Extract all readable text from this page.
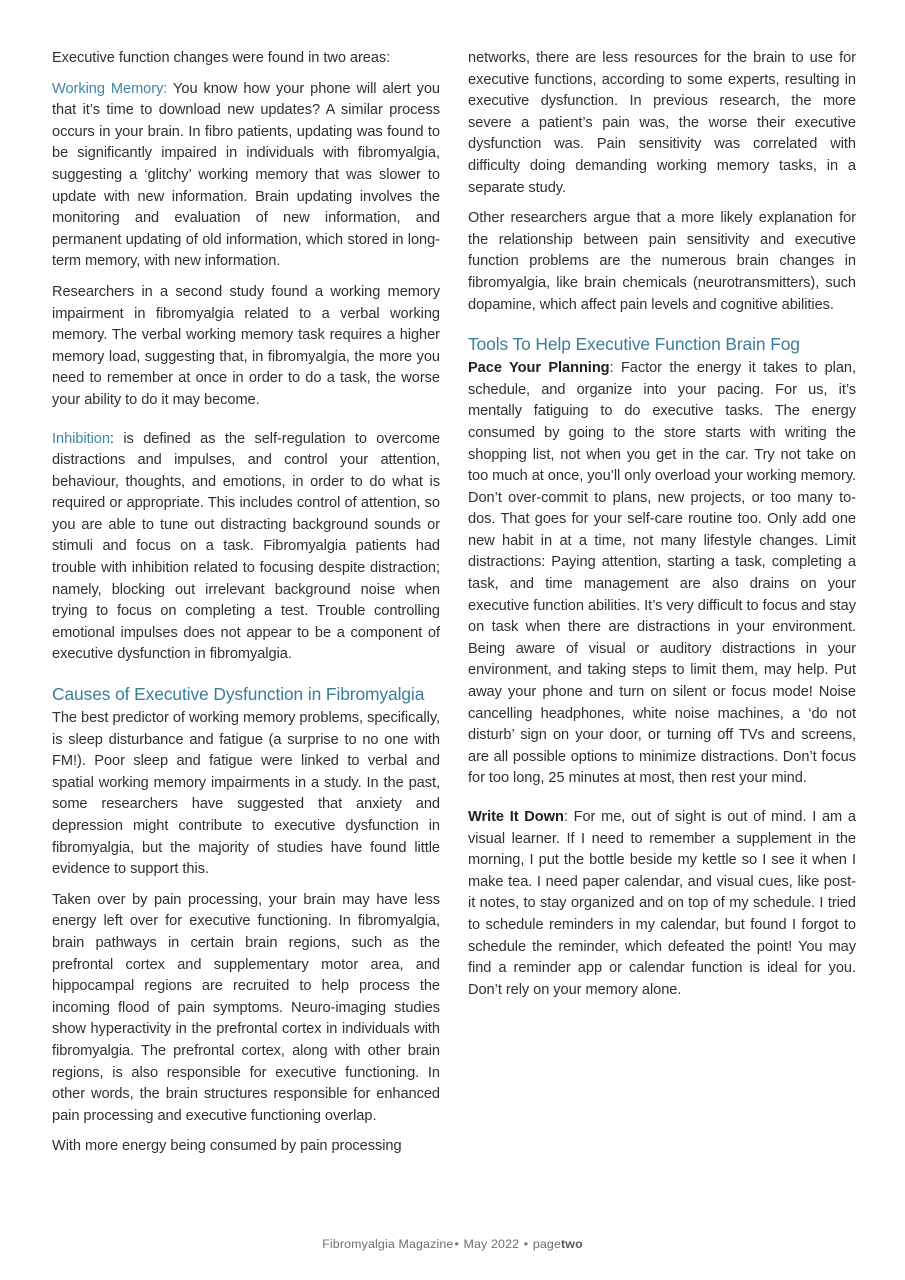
Executive function changes were found in two areas:

Working Memory: You know how your phone will alert you that it’s time to download new updates? A similar process occurs in your brain. In fibro patients, updating was found to be significantly impaired in individuals with fibromyalgia, suggesting a ‘glitchy’ working memory that was slower to update with new information. Brain updating involves the monitoring and evaluation of new information, and permanent updating of old information, which stored in long-term memory, with new information.

Researchers in a second study found a working memory impairment in fibromyalgia related to a verbal working memory. The verbal working memory task requires a higher memory load, suggesting that, in fibromyalgia, the more you need to remember at once in order to do a task, the worse your ability to do it may become.

Inhibition: is defined as the self-regulation to overcome distractions and impulses, and control your attention, behaviour, thoughts, and emotions, in order to do what is required or appropriate. This includes control of attention, so you are able to tune out distracting background sounds or stimuli and focus on a task. Fibromyalgia patients had trouble with inhibition related to focusing despite distraction; namely, blocking out irrelevant background noise when trying to focus on completing a test. Trouble controlling emotional impulses does not appear to be a component of executive dysfunction in fibromyalgia.

Causes of Executive Dysfunction in Fibromyalgia

The best predictor of working memory problems, specifically, is sleep disturbance and fatigue (a surprise to no one with FM!). Poor sleep and fatigue were linked to verbal and spatial working memory impairments in a study. In the past, some researchers have suggested that anxiety and depression might contribute to executive dysfunction in fibromyalgia, but the majority of studies have found little evidence to support this.

Taken over by pain processing, your brain may have less energy left over for executive functioning. In fibromyalgia, brain pathways in certain brain regions, such as the prefrontal cortex and supplementary motor area, and hippocampal regions are recruited to help process the incoming flood of pain symptoms. Neuro-imaging studies show hyperactivity in the prefrontal cortex in individuals with fibromyalgia. The prefrontal cortex, along with other brain regions, is also responsible for executive functioning. In other words, the brain structures responsible for enhanced pain processing and executive functioning overlap.

With more energy being consumed by pain processing

networks, there are less resources for the brain to use for executive functions, according to some experts, resulting in executive dysfunction. In previous research, the more severe a patient’s pain was, the worse their executive dysfunction was. Pain sensitivity was correlated with difficulty doing demanding working memory tasks, in a separate study.

Other researchers argue that a more likely explanation for the relationship between pain sensitivity and executive function problems are the numerous brain changes in fibromyalgia, like brain chemicals (neurotransmitters), such dopamine, which affect pain levels and cognitive abilities.

Tools To Help Executive Function Brain Fog

Pace Your Planning: Factor the energy it takes to plan, schedule, and organize into your pacing. For us, it’s mentally fatiguing to do executive tasks. The energy consumed by going to the store starts with writing the shopping list, not when you get in the car. Try not take on too much at once, you’ll only overload your working memory. Don’t over-commit to plans, new projects, or too many to-dos. That goes for your self-care routine too. Only add one new habit in at a time, not many lifestyle changes. Limit distractions: Paying attention, starting a task, completing a task, and time management are also drains on your executive function abilities. It’s very difficult to focus and stay on task when there are distractions in your environment. Being aware of visual or auditory distractions in your environment, and taking steps to limit them, may help. Put away your phone and turn on silent or focus mode! Noise cancelling headphones, white noise machines, a ‘do not disturb’ sign on your door, or turning off TVs and screens, are all possible options to minimize distractions. Don’t focus for too long, 25 minutes at most, then rest your mind.

Write It Down: For me, out of sight is out of mind. I am a visual learner. If I need to remember a supplement in the morning, I put the bottle beside my kettle so I see it when I make tea. I need paper calendar, and visual cues, like post-it notes, to stay organized and on top of my schedule. I tried to schedule reminders in my calendar, but found I forgot to schedule the reminder, which defeated the point! You may find a reminder app or calendar function is ideal for you. Don’t rely on your memory alone.

Fibromyalgia Magazine• May 2022 • pagetwo
